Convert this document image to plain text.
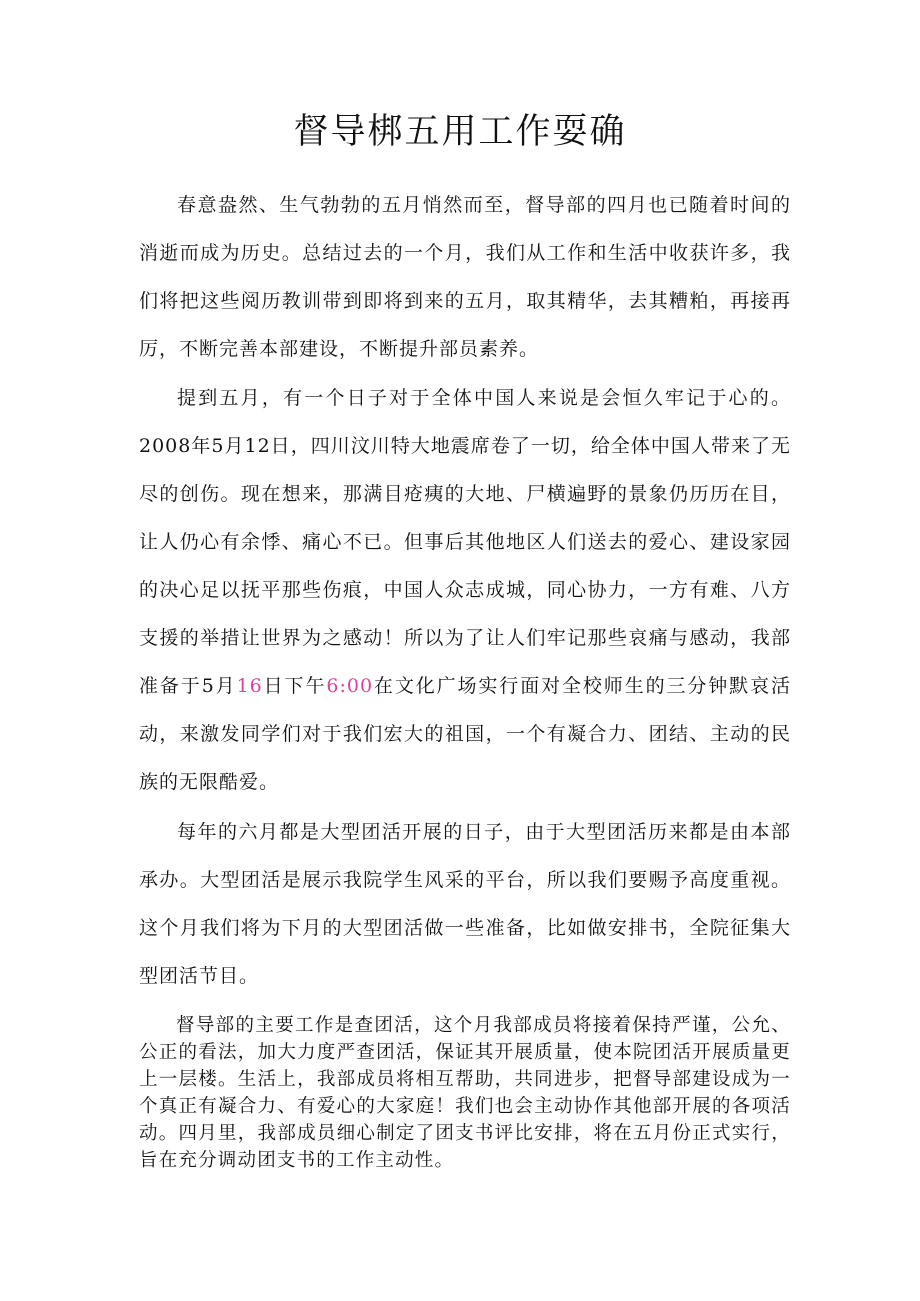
督导梆五用工作耍确

春意盎然、生气勃勃的五月悄然而至，督导部的四月也已随着时间的消逝而成为历史。总结过去的一个月，我们从工作和生活中收获许多，我们将把这些阅历教训带到即将到来的五月，取其精华，去其糟粕，再接再厉，不断完善本部建设，不断提升部员素养。

提到五月，有一个日子对于全体中国人来说是会恒久牢记于心的。2008年5月12日，四川汶川特大地震席卷了一切，给全体中国人带来了无尽的创伤。现在想来，那满目疮痍的大地、尸横遍野的景象仍历历在目，让人仍心有余悸、痛心不已。但事后其他地区人们送去的爱心、建设家园的决心足以抚平那些伤痕，中国人众志成城，同心协力，一方有难、八方支援的举措让世界为之感动！所以为了让人们牢记那些哀痛与感动，我部准备于5月16日下午6:00在文化广场实行面对全校师生的三分钟默哀活动，来激发同学们对于我们宏大的祖国，一个有凝合力、团结、主动的民族的无限酷爱。

每年的六月都是大型团活开展的日子，由于大型团活历来都是由本部承办。大型团活是展示我院学生风采的平台，所以我们要赐予高度重视。这个月我们将为下月的大型团活做一些准备，比如做安排书，全院征集大型团活节目。

督导部的主要工作是查团活，这个月我部成员将接着保持严谨，公允、公正的看法，加大力度严查团活，保证其开展质量，使本院团活开展质量更上一层楼。生活上，我部成员将相互帮助，共同进步，把督导部建设成为一个真正有凝合力、有爱心的大家庭！我们也会主动协作其他部开展的各项活动。四月里，我部成员细心制定了团支书评比安排，将在五月份正式实行，旨在充分调动团支书的工作主动性。
